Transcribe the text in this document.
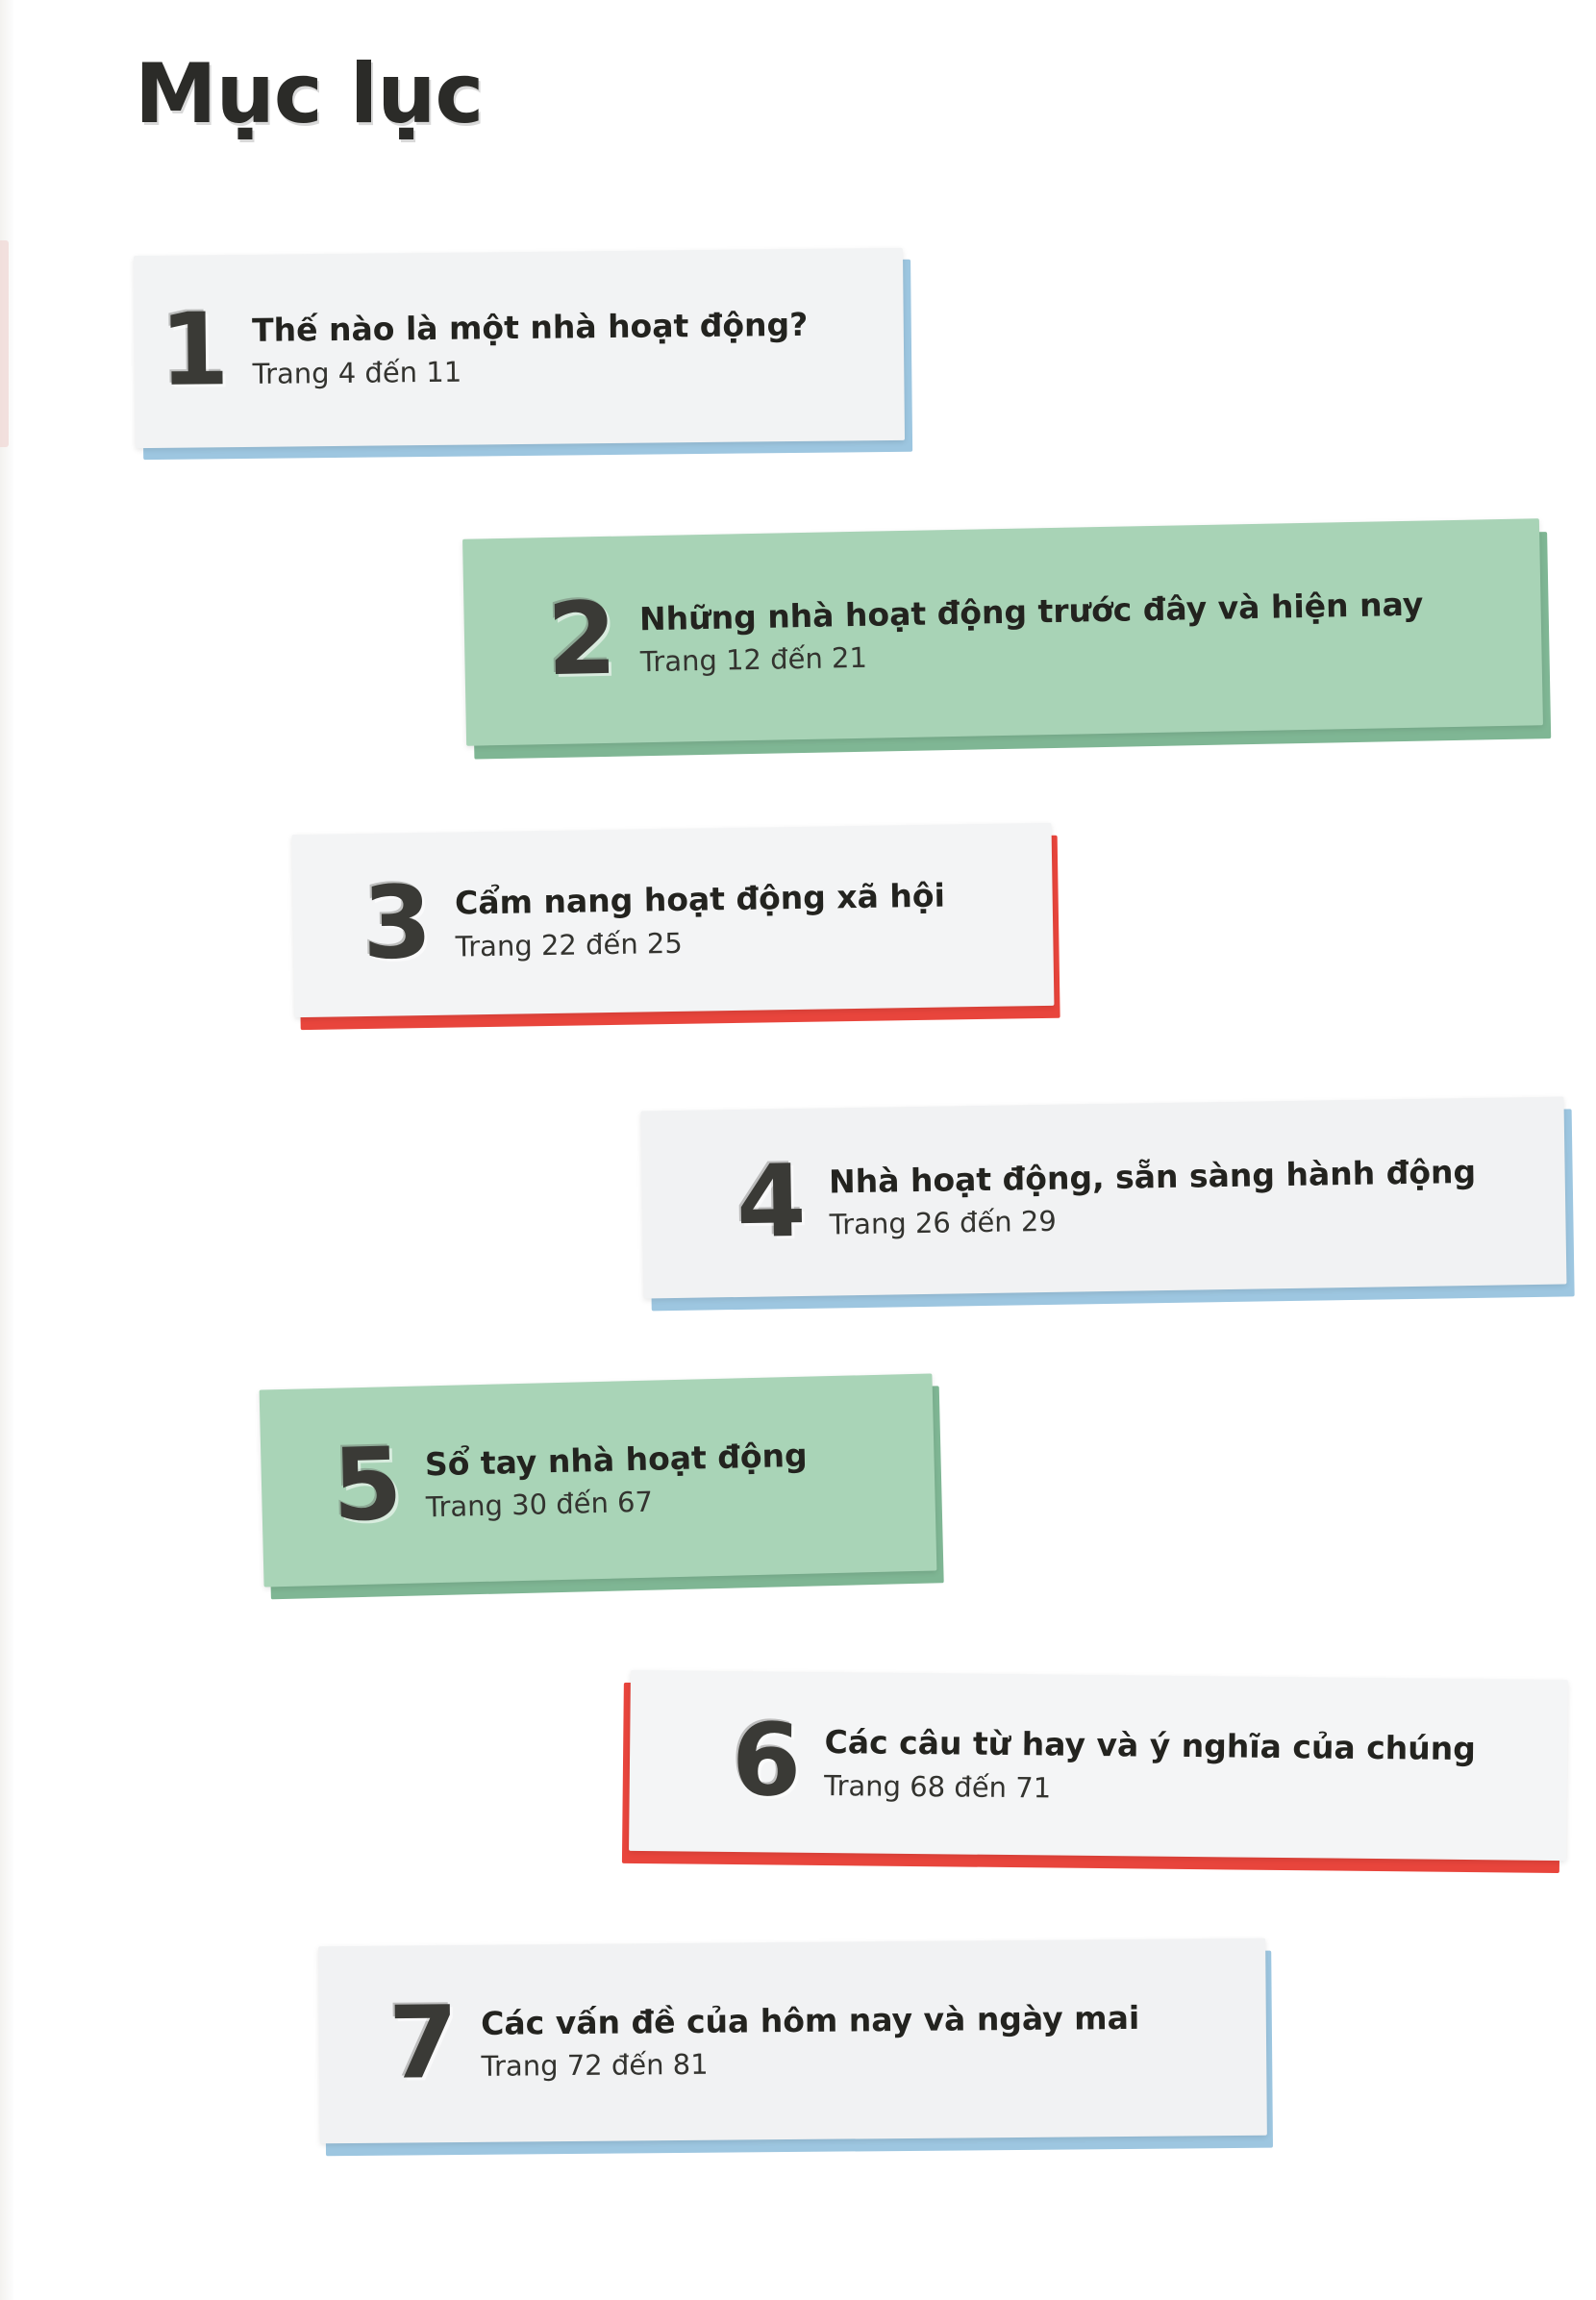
Mục lục
1 Thế nào là một nhà hoạt động?
Trang 4 đến 11
2 Những nhà hoạt động trước đây và hiện nay
Trang 12 đến 21
3 Cẩm nang hoạt động xã hội
Trang 22 đến 25
4 Nhà hoạt động, sẵn sàng hành động
Trang 26 đến 29
5 Sổ tay nhà hoạt động
Trang 30 đến 67
6 Các câu từ hay và ý nghĩa của chúng
Trang 68 đến 71
7 Các vấn đề của hôm nay và ngày mai
Trang 72 đến 81
